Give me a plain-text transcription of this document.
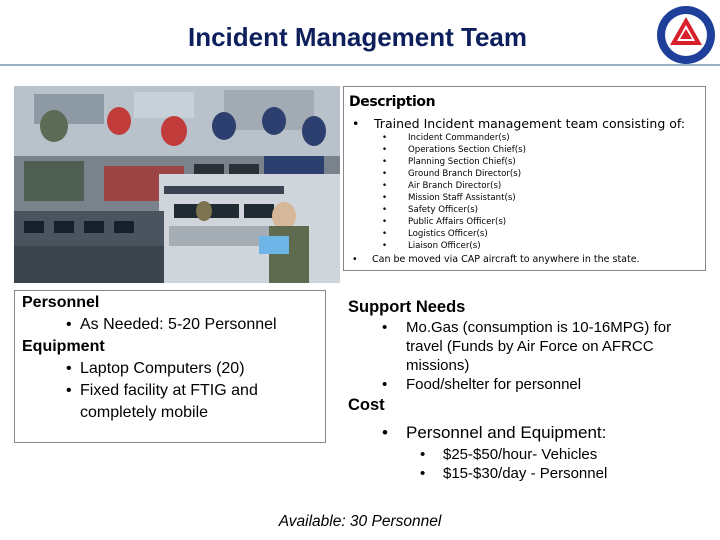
Incident Management Team
Description
• Trained Incident management team consisting of:
• Incident Commander(s)
• Operations Section Chief(s)
• Planning Section Chief(s)
• Ground Branch Director(s)
• Air Branch Director(s)
• Mission Staff Assistant(s)
• Safety Officer(s)
• Public Affairs Officer(s)
• Logistics Officer(s)
• Liaison Officer(s)
• Can be moved via CAP aircraft to anywhere in the state.
Personnel
• As Needed: 5-20 Personnel
Equipment
• Laptop Computers (20)
• Fixed facility at FTIG and completely mobile
Support Needs
• Mo.Gas (consumption is 10-16MPG) for travel (Funds by Air Force on AFRCC missions)
• Food/shelter for personnel
Cost
• Personnel and Equipment:
• $25-$50/hour- Vehicles
• $15-$30/day - Personnel
Available: 30 Personnel
